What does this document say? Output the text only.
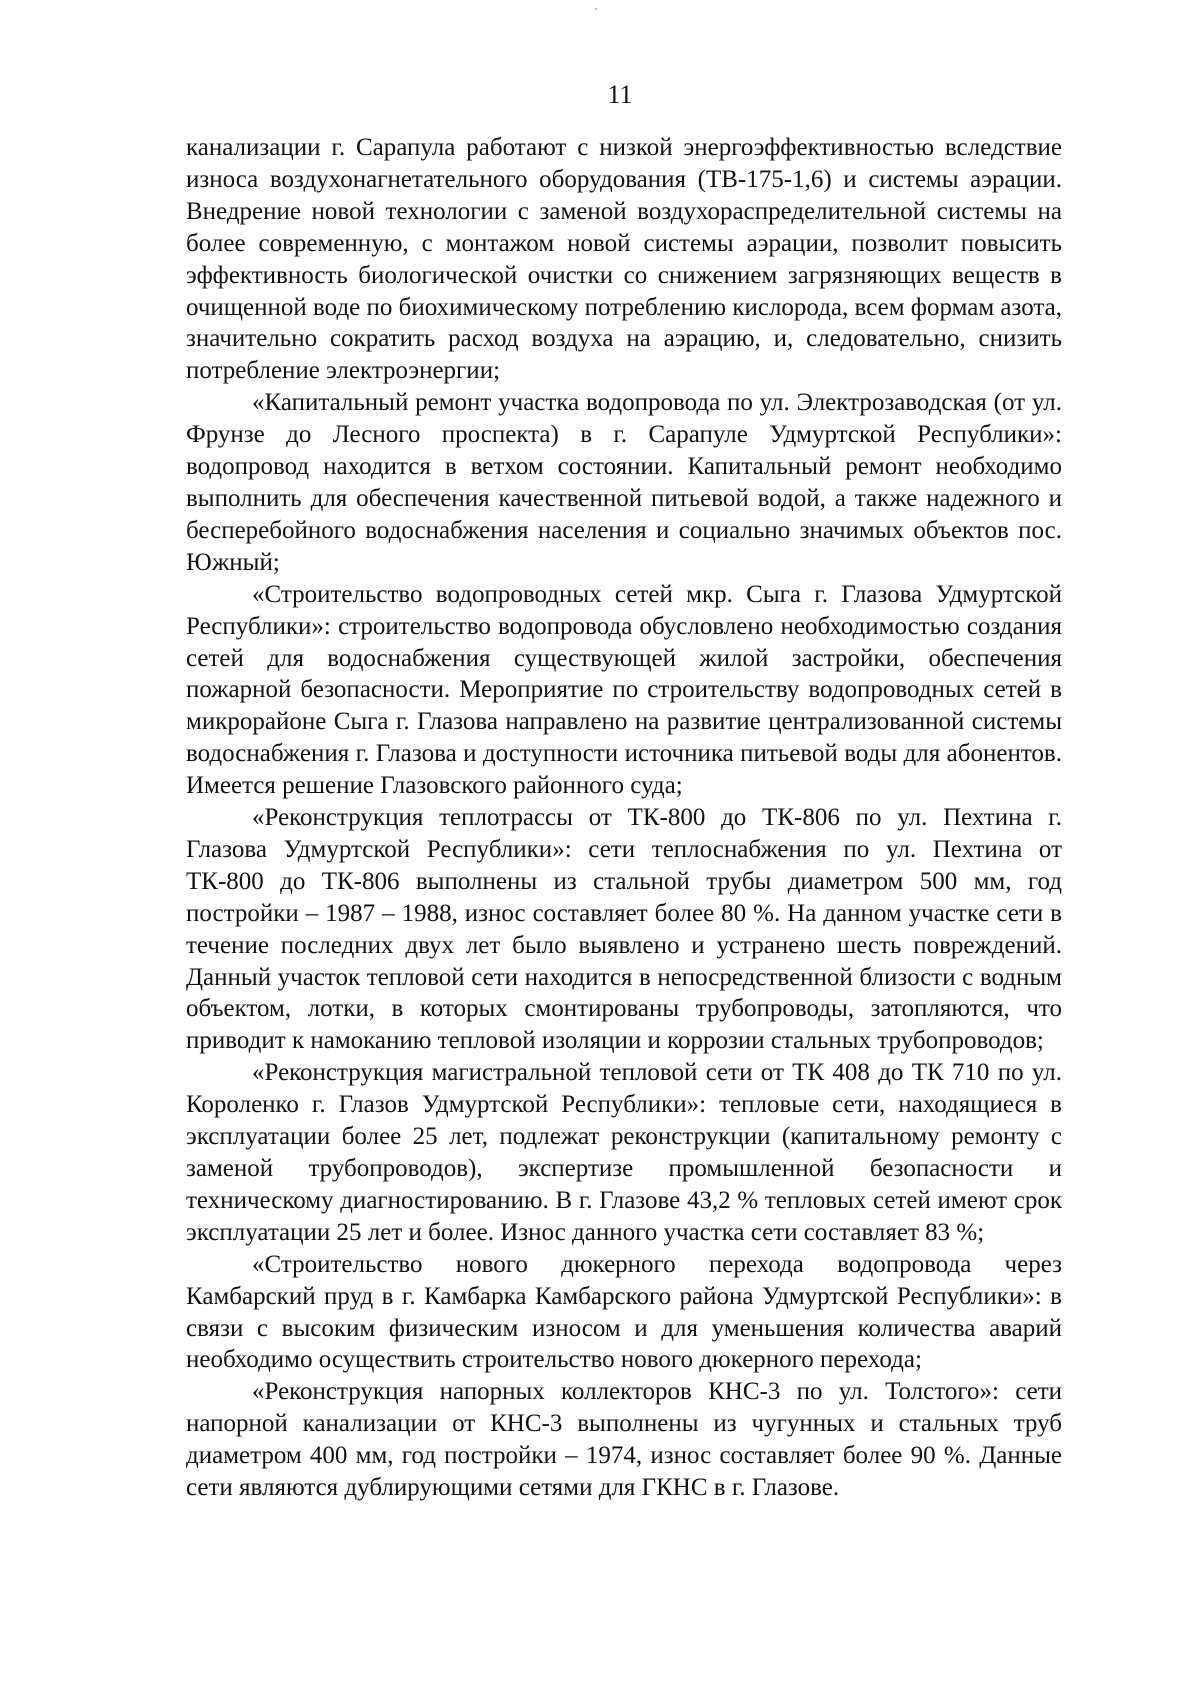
11

канализации г. Сарапула работают с низкой энергоэффективностью вследствие износа воздухонагнетательного оборудования (ТВ-175-1,6) и системы аэрации. Внедрение новой технологии с заменой воздухораспределительной системы на более современную, с монтажом новой системы аэрации, позволит повысить эффективность биологической очистки со снижением загрязняющих веществ в очищенной воде по биохимическому потреблению кислорода, всем формам азота, значительно сократить расход воздуха на аэрацию, и, следовательно, снизить потребление электроэнергии;

«Капитальный ремонт участка водопровода по ул. Электрозаводская (от ул. Фрунзе до Лесного проспекта) в г. Сарапуле Удмуртской Республики»: водопровод находится в ветхом состоянии. Капитальный ремонт необходимо выполнить для обеспечения качественной питьевой водой, а также надежного и бесперебойного водоснабжения населения и социально значимых объектов пос. Южный;

«Строительство водопроводных сетей мкр. Сыга г. Глазова Удмуртской Республики»: строительство водопровода обусловлено необходимостью создания сетей для водоснабжения существующей жилой застройки, обеспечения пожарной безопасности. Мероприятие по строительству водопроводных сетей в микрорайоне Сыга г. Глазова направлено на развитие централизованной системы водоснабжения г. Глазова и доступности источника питьевой воды для абонентов. Имеется решение Глазовского районного суда;

«Реконструкция теплотрассы от ТК-800 до ТК-806 по ул. Пехтина г. Глазова Удмуртской Республики»: сети теплоснабжения по ул. Пехтина от ТК-800 до ТК-806 выполнены из стальной трубы диаметром 500 мм, год постройки – 1987 – 1988, износ составляет более 80 %. На данном участке сети в течение последних двух лет было выявлено и устранено шесть повреждений. Данный участок тепловой сети находится в непосредственной близости с водным объектом, лотки, в которых смонтированы трубопроводы, затопляются, что приводит к намоканию тепловой изоляции и коррозии стальных трубопроводов;

«Реконструкция магистральной тепловой сети от ТК 408 до ТК 710 по ул. Короленко г. Глазов Удмуртской Республики»: тепловые сети, находящиеся в эксплуатации более 25 лет, подлежат реконструкции (капитальному ремонту с заменой трубопроводов), экспертизе промышленной безопасности и техническому диагностированию. В г. Глазове 43,2 % тепловых сетей имеют срок эксплуатации 25 лет и более. Износ данного участка сети составляет 83 %;

«Строительство нового дюкерного перехода водопровода через Камбарский пруд в г. Камбарка Камбарского района Удмуртской Республики»: в связи с высоким физическим износом и для уменьшения количества аварий необходимо осуществить строительство нового дюкерного перехода;

«Реконструкция напорных коллекторов КНС-3 по ул. Толстого»: сети напорной канализации от КНС-3 выполнены из чугунных и стальных труб диаметром 400 мм, год постройки – 1974, износ составляет более 90 %. Данные сети являются дублирующими сетями для ГКНС в г. Глазове.
